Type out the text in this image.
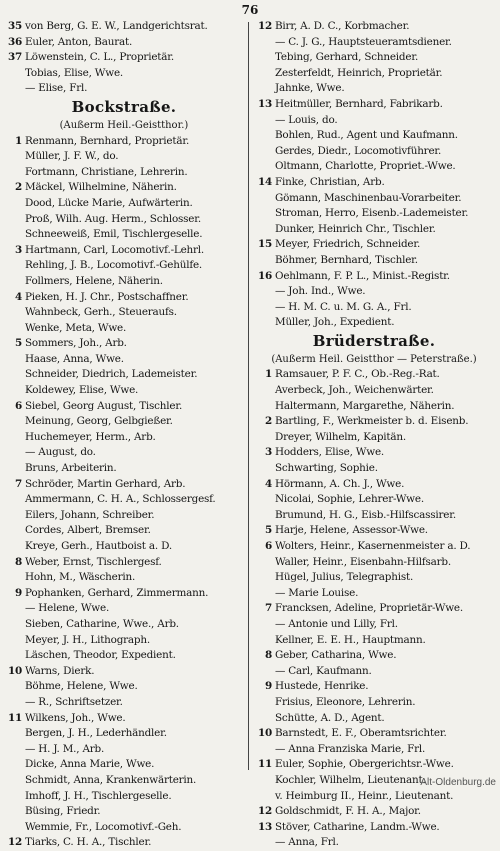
76
35 von Berg, G. E. W., Landgerichtsrat.
36 Euler, Anton, Baurat.
37 Löwenstein, C. L., Proprietär.
Tobias, Elise, Wwe.
— Elise, Frl.
Bockstraße.
(Außerm Heil.-Geistthor.)
1 Renmann, Bernhard, Proprietär.
Müller, J. F. W., do.
Fortmann, Christiane, Lehrerin.
2 Mäckel, Wilhelmine, Näherin.
Dood, Lücke Marie, Aufwärterin.
Proß, Wilh. Aug. Herm., Schlosser.
Schneeweiß, Emil, Tischlergeselle.
3 Hartmann, Carl, Locomotivf.-Lehrl.
Rehling, J. B., Locomotivf.-Gehülfe.
Follmers, Helene, Näherin.
4 Pieken, H. J. Chr., Postschaffner.
Wahnbeck, Gerh., Steueraufs.
Wenke, Meta, Wwe.
5 Sommers, Joh., Arb.
Haase, Anna, Wwe.
Schneider, Diedrich, Lademeister.
Koldewey, Elise, Wwe.
6 Siebel, Georg August, Tischler.
Meinung, Georg, Gelbgießer.
Huchemeyer, Herm., Arb.
— August, do.
Bruns, Arbeiterin.
7 Schröder, Martin Gerhard, Arb.
Ammermann, C. H. A., Schlossergesf.
Eilers, Johann, Schreiber.
Cordes, Albert, Bremser.
Kreye, Gerh., Hautboist a. D.
8 Weber, Ernst, Tischlergesf.
Hohn, M., Wäscherin.
9 Pophanken, Gerhard, Zimmermann.
— Helene, Wwe.
Sieben, Catharine, Wwe., Arb.
Meyer, J. H., Lithograph.
Läschen, Theodor, Expedient.
10 Warns, Dierk.
Böhme, Helene, Wwe.
— R., Schriftsetzer.
11 Wilkens, Joh., Wwe.
Bergen, J. H., Lederhändler.
— H. J. M., Arb.
Dicke, Anna Marie, Wwe.
Schmidt, Anna, Krankenwärterin.
Imhoff, J. H., Tischlergeselle.
Büsing, Friedr.
Wemmie, Fr., Locomotivf.-Geh.
12 Tiarks, C. H. A., Tischler.
12 Birr, A. D. C., Korbmacher.
— C. J. G., Hauptsteueramtsdiener.
Tebing, Gerhard, Schneider.
Zesterfeldt, Heinrich, Proprietär.
Jahnke, Wwe.
13 Heitmüller, Bernhard, Fabrikarb.
— Louis, do.
Bohlen, Rud., Agent und Kaufmann.
Gerdes, Diedr., Locomotivführer.
Oltmann, Charlotte, Propriet.-Wwe.
14 Finke, Christian, Arb.
Gömann, Maschinenbau-Vorarbeiter.
Stroman, Herro, Eisenb.-Lademeister.
Dunker, Heinrich Chr., Tischler.
15 Meyer, Friedrich, Schneider.
Böhmer, Bernhard, Tischler.
16 Oehlmann, F. P. L., Minist.-Registr.
— Joh. Ind., Wwe.
— H. M. C. u. M. G. A., Frl.
Müller, Joh., Expedient.
Brüderstraße.
(Außerm Heil. Geistthor — Peterstraße.)
1 Ramsauer, P. F. C., Ob.-Reg.-Rat.
Averbeck, Joh., Weichenwärter.
Haltermann, Margarethe, Näherin.
2 Bartling, F., Werkmeister b. d. Eisenb.
Dreyer, Wilhelm, Kapitän.
3 Hodders, Elise, Wwe.
Schwarting, Sophie.
4 Hörmann, A. Ch. J., Wwe.
Nicolai, Sophie, Lehrer-Wwe.
Brumund, H. G., Eisb.-Hilfscassirer.
5 Harje, Helene, Assessor-Wwe.
6 Wolters, Heinr., Kasernenmeister a. D.
Waller, Heinr., Eisenbahn-Hilfsarb.
Hügel, Julius, Telegraphist.
— Marie Louise.
7 Francksen, Adeline, Proprietär-Wwe.
— Antonie und Lilly, Frl.
Kellner, E. E. H., Hauptmann.
8 Geber, Catharina, Wwe.
— Carl, Kaufmann.
9 Hustede, Henrike.
Frisius, Eleonore, Lehrerin.
Schütte, A. D., Agent.
10 Barnstedt, E. F., Oberamtsrichter.
— Anna Franziska Marie, Frl.
11 Euler, Sophie, Obergerichtsr.-Wwe.
Kochler, Wilhelm, Lieutenant.
v. Heimburg II., Heinr., Lieutenant.
12 Goldschmidt, F. H. A., Major.
13 Stöver, Catharine, Landm.-Wwe.
— Anna, Frl.
Alt-Oldenburg.de
